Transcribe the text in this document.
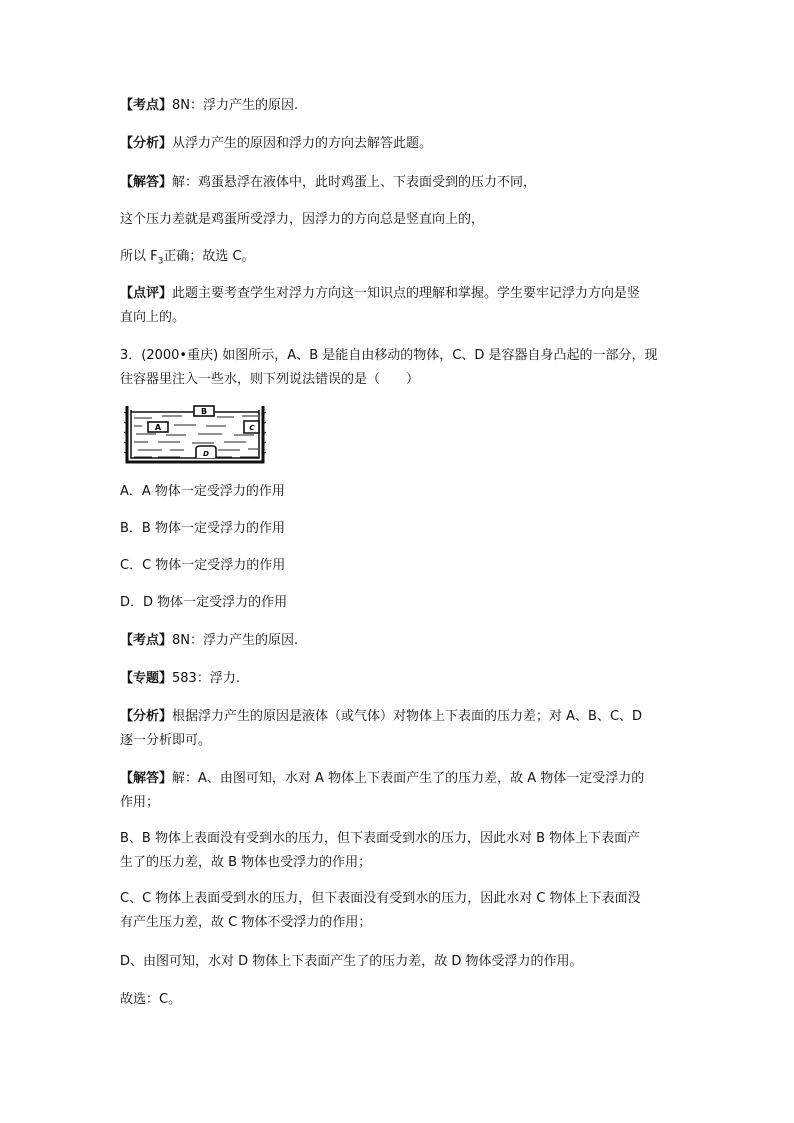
【考点】8N：浮力产生的原因.
【分析】从浮力产生的原因和浮力的方向去解答此题。
【解答】解：鸡蛋悬浮在液体中，此时鸡蛋上、下表面受到的压力不同，
这个压力差就是鸡蛋所受浮力，因浮力的方向总是竖直向上的，
所以 $F_3$正确；故选 C。
【点评】此题主要考查学生对浮力方向这一知识点的理解和掌握。学生要牢记浮力方向是竖
直向上的。
3．(2000•重庆) 如图所示，A、B 是能自由移动的物体，C、D 是容器自身凸起的一部分，现
往容器里注入一些水，则下列说法错误的是（　　）
B
A	C
D
A．A 物体一定受浮力的作用
B．B 物体一定受浮力的作用
C．C 物体一定受浮力的作用
D．D 物体一定受浮力的作用
【考点】8N：浮力产生的原因.
【专题】583：浮力.
【分析】根据浮力产生的原因是液体（或气体）对物体上下表面的压力差；对 A、B、C、D
逐一分析即可。
【解答】解：A、由图可知，水对 A 物体上下表面产生了的压力差，故 A 物体一定受浮力的
作用；
B、B 物体上表面没有受到水的压力，但下表面受到水的压力，因此水对 B 物体上下表面产
生了的压力差，故 B 物体也受浮力的作用；
C、C 物体上表面受到水的压力，但下表面没有受到水的压力，因此水对 C 物体上下表面没
有产生压力差，故 C 物体不受浮力的作用；
D、由图可知，水对 D 物体上下表面产生了的压力差，故 D 物体受浮力的作用。
故选：C。
